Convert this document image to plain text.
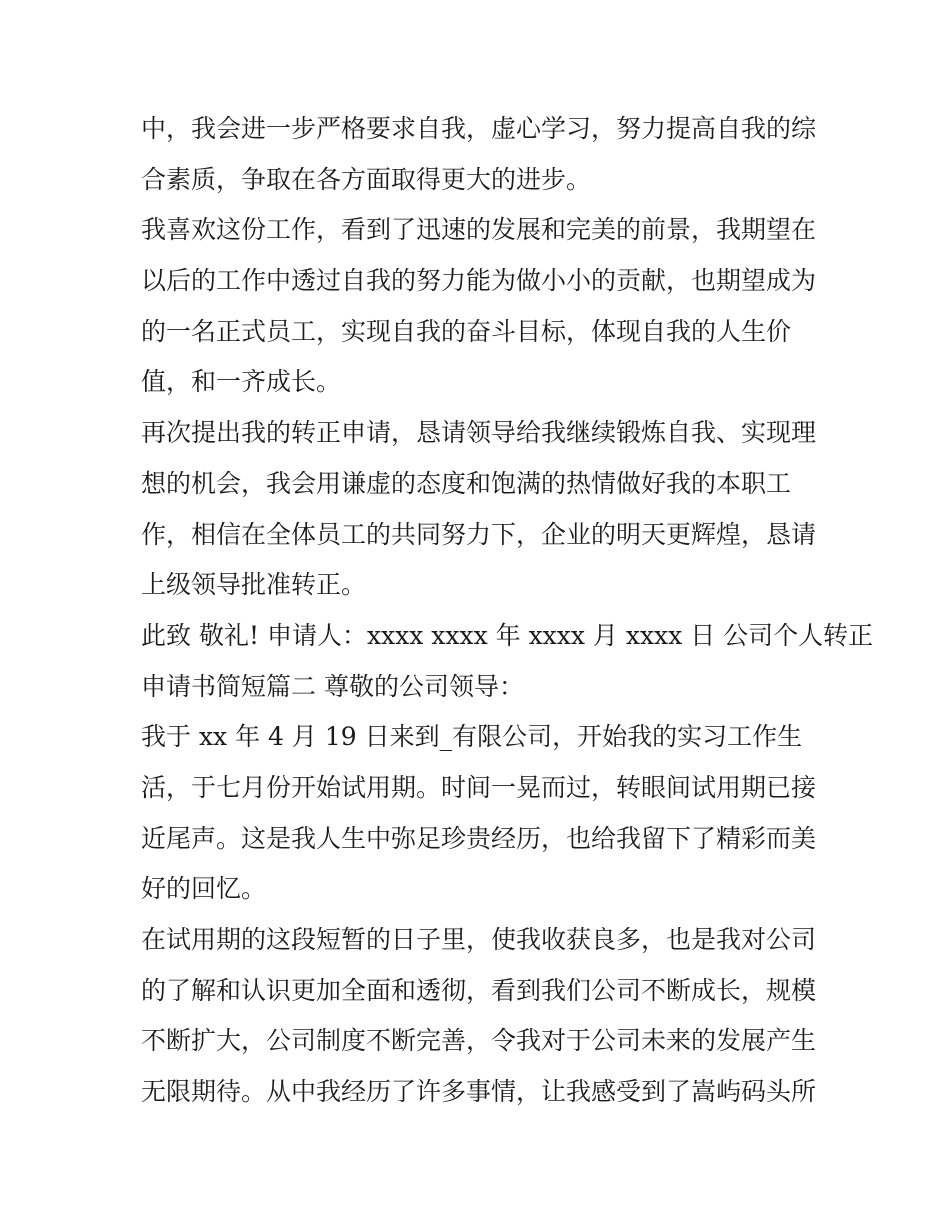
中，我会进一步严格要求自我，虚心学习，努力提高自我的综
合素质，争取在各方面取得更大的进步。
我喜欢这份工作，看到了迅速的发展和完美的前景，我期望在
以后的工作中透过自我的努力能为做小小的贡献，也期望成为
的一名正式员工，实现自我的奋斗目标，体现自我的人生价
值，和一齐成长。
再次提出我的转正申请，恳请领导给我继续锻炼自我、实现理
想的机会，我会用谦虚的态度和饱满的热情做好我的本职工
作，相信在全体员工的共同努力下，企业的明天更辉煌，恳请
上级领导批准转正。
此致 敬礼! 申请人：xxxx xxxx 年 xxxx 月 xxxx 日 公司个人转正
申请书简短篇二 尊敬的公司领导：
我于 xx 年 4 月 19 日来到_有限公司，开始我的实习工作生
活，于七月份开始试用期。时间一晃而过，转眼间试用期已接
近尾声。这是我人生中弥足珍贵经历，也给我留下了精彩而美
好的回忆。
在试用期的这段短暂的日子里，使我收获良多，也是我对公司
的了解和认识更加全面和透彻，看到我们公司不断成长，规模
不断扩大，公司制度不断完善，令我对于公司未来的发展产生
无限期待。从中我经历了许多事情，让我感受到了嵩屿码头所
